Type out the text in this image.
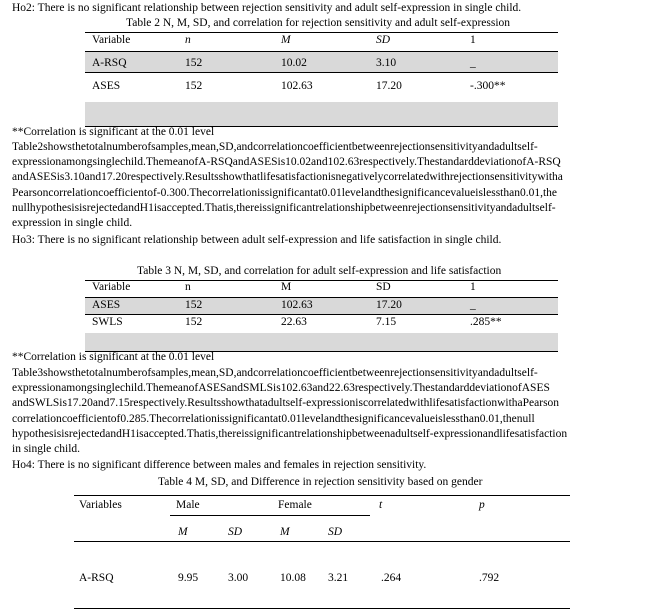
Ho2: There is no significant relationship between rejection sensitivity and adult self-expression in single child.
Table 2 N, M, SD, and correlation for rejection sensitivity and adult self-expression
Variable	n	M	SD	1
A-RSQ	152	10.02	3.10	_
ASES	152	102.63	17.20	-.300**
**Correlation is significant at the 0.01 level
Table2showsthetotalnumberofsamples,mean,SD,andcorrelationcoefficientbetweenrejectionsensitivityandadultself-
expressionamongsinglechild.ThemeanofA-RSQandASESis10.02and102.63respectively.ThestandarddeviationofA-RSQ
andASESis3.10and17.20respectively.Resultsshowthatlifesatisfactionisnegativelycorrelatedwithrejectionsensitivitywitha
Pearsoncorrelationcoefficientof-0.300.Thecorrelationissignificantat0.01levelandthesignificancevalueislessthan0.01,the
nullhypothesisisrejectedandH1isaccepted.Thatis,thereissignificantrelationshipbetweenrejectionsensitivityandadultself-
expression in single child.
Ho3: There is no significant relationship between adult self-expression and life satisfaction in single child.
Table 3 N, M, SD, and correlation for adult self-expression and life satisfaction
Variable	n	M	SD	1
ASES	152	102.63	17.20	_
SWLS	152	22.63	7.15	.285**
**Correlation is significant at the 0.01 level
Table3showsthetotalnumberofsamples,mean,SD,andcorrelationcoefficientbetweenrejectionsensitivityandadultself-
expressionamongsinglechild.ThemeanofASESandSMLSis102.63and22.63respectively.ThestandarddeviationofASES
andSWLSis17.20and7.15respectively.Resultsshowthatadultself-expressioniscorrelatedwithlifesatisfactionwithaPearson
correlationcoefficientof0.285.Thecorrelationissignificantat0.01levelandthesignificancevalueislessthan0.01,thenull
hypothesisisrejectedandH1isaccepted.Thatis,thereissignificantrelationshipbetweenadultself-expressionandlifesatisfaction
in single child.
Ho4: There is no significant difference between males and females in rejection sensitivity.
Table 4 M, SD, and Difference in rejection sensitivity based on gender
Variables	Male	Female	t	p
M	SD	M	SD
A-RSQ	9.95	3.00	10.08 3.21	.264	.792
